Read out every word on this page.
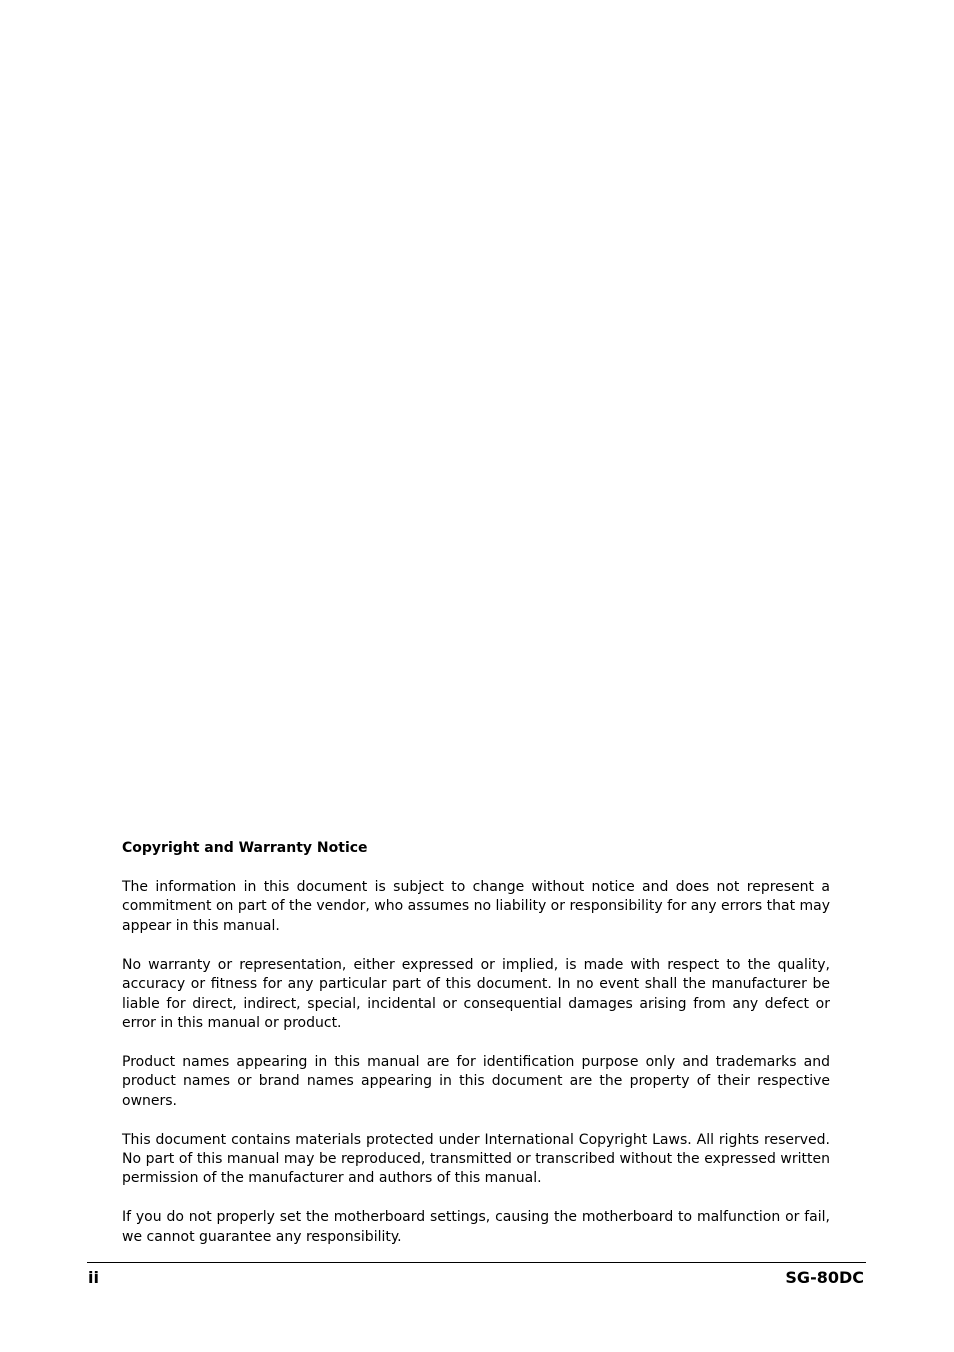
Copyright and Warranty Notice

The information in this document is subject to change without notice and does not represent a commitment on part of the vendor, who assumes no liability or responsibility for any errors that may appear in this manual.

No warranty or representation, either expressed or implied, is made with respect to the quality, accuracy or fitness for any particular part of this document. In no event shall the manufacturer be liable for direct, indirect, special, incidental or consequential damages arising from any defect or error in this manual or product.

Product names appearing in this manual are for identification purpose only and trademarks and product names or brand names appearing in this document are the property of their respective owners.

This document contains materials protected under International Copyright Laws. All rights reserved. No part of this manual may be reproduced, transmitted or transcribed without the expressed written permission of the manufacturer and authors of this manual.

If you do not properly set the motherboard settings, causing the motherboard to malfunction or fail, we cannot guarantee any responsibility.

ii	SG-80DC
